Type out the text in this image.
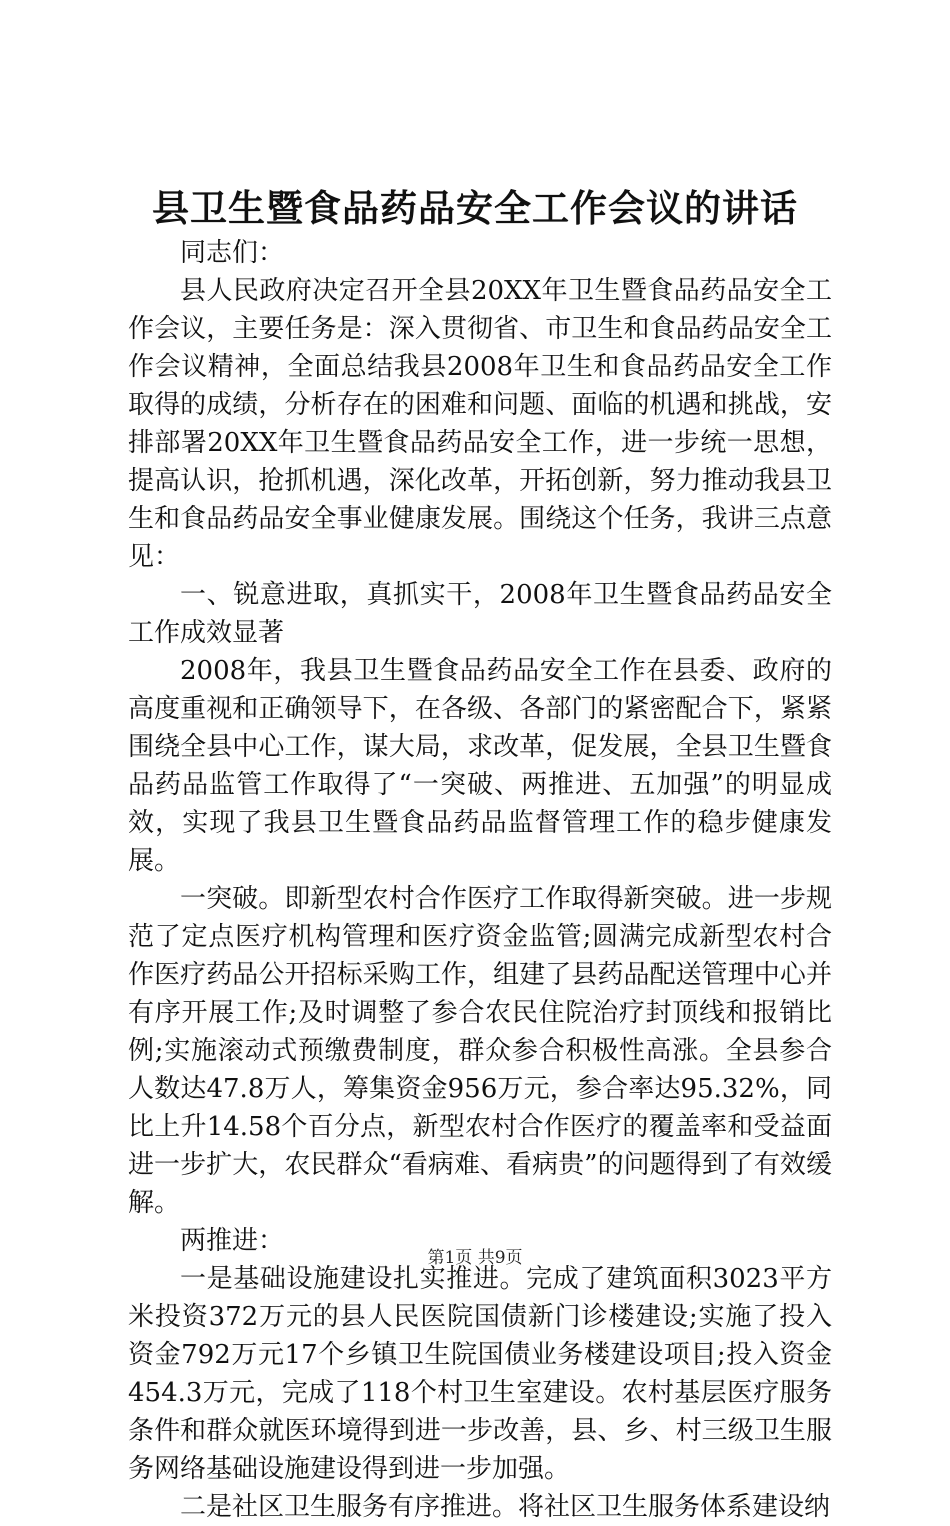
县卫生暨食品药品安全工作会议的讲话

同志们：

县人民政府决定召开全县20XX年卫生暨食品药品安全工作会议，主要任务是：深入贯彻省、市卫生和食品药品安全工作会议精神，全面总结我县2008年卫生和食品药品安全工作取得的成绩，分析存在的困难和问题、面临的机遇和挑战，安排部署20XX年卫生暨食品药品安全工作，进一步统一思想，提高认识，抢抓机遇，深化改革，开拓创新，努力推动我县卫生和食品药品安全事业健康发展。围绕这个任务，我讲三点意见：

一、锐意进取，真抓实干，2008年卫生暨食品药品安全工作成效显著

2008年，我县卫生暨食品药品安全工作在县委、政府的高度重视和正确领导下，在各级、各部门的紧密配合下，紧紧围绕全县中心工作，谋大局，求改革，促发展，全县卫生暨食品药品监管工作取得了“一突破、两推进、五加强”的明显成效，实现了我县卫生暨食品药品监督管理工作的稳步健康发展。

一突破。即新型农村合作医疗工作取得新突破。进一步规范了定点医疗机构管理和医疗资金监管;圆满完成新型农村合作医疗药品公开招标采购工作，组建了县药品配送管理中心并有序开展工作;及时调整了参合农民住院治疗封顶线和报销比例;实施滚动式预缴费制度，群众参合积极性高涨。全县参合人数达47.8万人，筹集资金956万元，参合率达95.32%，同比上升14.58个百分点，新型农村合作医疗的覆盖率和受益面进一步扩大，农民群众“看病难、看病贵”的问题得到了有效缓解。

两推进：

一是基础设施建设扎实推进。完成了建筑面积3023平方米投资372万元的县人民医院国债新门诊楼建设;实施了投入资金792万元17个乡镇卫生院国债业务楼建设项目;投入资金454.3万元，完成了118个村卫生室建设。农村基层医疗服务条件和群众就医环境得到进一步改善，县、乡、村三级卫生服务网络基础设施建设得到进一步加强。

二是社区卫生服务有序推进。将社区卫生服务体系建设纳

第1页 共9页
